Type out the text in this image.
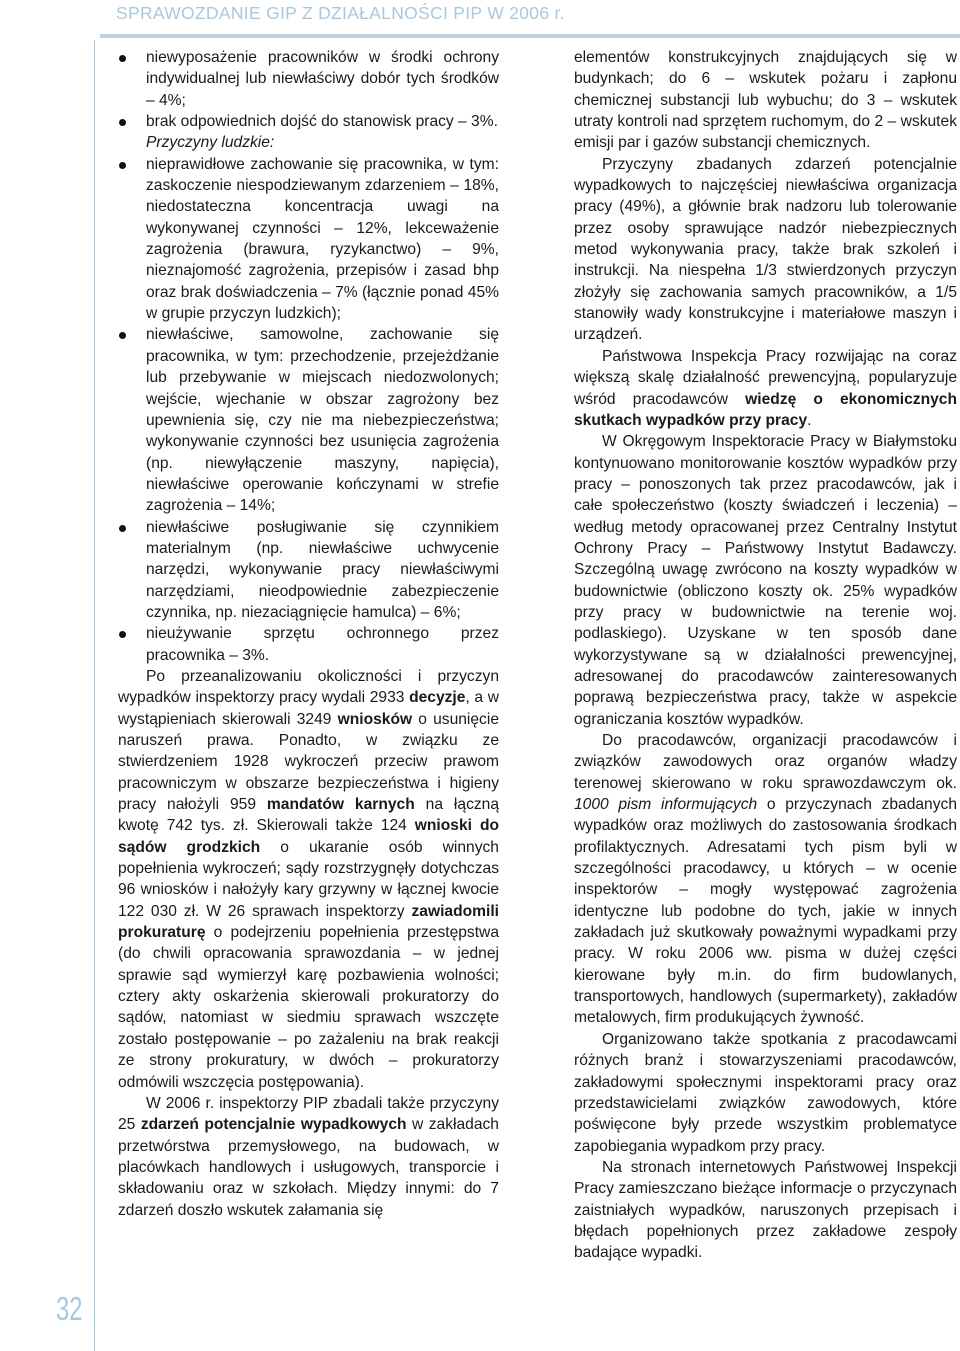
SPRAWOZDANIE GIP Z DZIAŁALNOŚCI PIP W 2006 r.
32
niewyposażenie pracowników w środki ochrony indywidualnej lub niewłaściwy dobór tych środków – 4%;
brak odpowiednich dojść do stanowisk pracy – 3%.

Przyczyny ludzkie:

nieprawidłowe zachowanie się pracownika, w tym: zaskoczenie niespodziewanym zdarzeniem – 18%, niedostateczna koncentracja uwagi na wykonywanej czynności – 12%, lekceważenie zagrożenia (brawura, ryzykanctwo) – 9%, nieznajomość zagrożenia, przepisów i zasad bhp oraz brak doświadczenia – 7% (łącznie ponad 45% w grupie przyczyn ludzkich);
niewłaściwe, samowolne, zachowanie się pracownika, w tym: przechodzenie, przejeżdżanie lub przebywanie w miejscach niedozwolonych; wejście, wjechanie w obszar zagrożony bez upewnienia się, czy nie ma niebezpieczeństwa; wykonywanie czynności bez usunięcia zagrożenia (np. niewyłączenie maszyny, napięcia), niewłaściwe operowanie kończynami w strefie zagrożenia – 14%;
niewłaściwe posługiwanie się czynnikiem materialnym (np. niewłaściwe uchwycenie narzędzi, wykonywanie pracy niewłaściwymi narzędziami, nieodpowiednie zabezpieczenie czynnika, np. niezaciągnięcie hamulca) – 6%;
nieużywanie sprzętu ochronnego przez pracownika – 3%.

Po przeanalizowaniu okoliczności i przyczyn wypadków inspektorzy pracy wydali 2933 decyzje, a w wystąpieniach skierowali 3249 wniosków o usunięcie naruszeń prawa. Ponadto, w związku ze stwierdzeniem 1928 wykroczeń przeciw prawom pracowniczym w obszarze bezpieczeństwa i higieny pracy nałożyli 959 mandatów karnych na łączną kwotę 742 tys. zł. Skierowali także 124 wnioski do sądów grodzkich o ukaranie osób winnych popełnienia wykroczeń; sądy rozstrzygnęły dotychczas 96 wniosków i nałożyły kary grzywny w łącznej kwocie 122 030 zł. W 26 sprawach inspektorzy zawiadomili prokuraturę o podejrzeniu popełnienia przestępstwa (do chwili opracowania sprawozdania – w jednej sprawie sąd wymierzył karę pozbawienia wolności; cztery akty oskarżenia skierowali prokuratorzy do sądów, natomiast w siedmiu sprawach wszczęte zostało postępowanie – po zażaleniu na brak reakcji ze strony prokuratury, w dwóch – prokuratorzy odmówili wszczęcia postępowania).

W 2006 r. inspektorzy PIP zbadali także przyczyny 25 zdarzeń potencjalnie wypadkowych w zakładach przetwórstwa przemysłowego, na budowach, w placówkach handlowych i usługowych, transporcie i składowaniu oraz w szkołach. Między innymi: do 7 zdarzeń doszło wskutek załamania się

elementów konstrukcyjnych znajdujących się w budynkach; do 6 – wskutek pożaru i zapłonu chemicznej substancji lub wybuchu; do 3 – wskutek utraty kontroli nad sprzętem ruchomym, do 2 – wskutek emisji par i gazów substancji chemicznych.

Przyczyny zbadanych zdarzeń potencjalnie wypadkowych to najczęściej niewłaściwa organizacja pracy (49%), a głównie brak nadzoru lub tolerowanie przez osoby sprawujące nadzór niebezpiecznych metod wykonywania pracy, także brak szkoleń i instrukcji. Na niespełna 1/3 stwierdzonych przyczyn złożyły się zachowania samych pracowników, a 1/5 stanowiły wady konstrukcyjne i materiałowe maszyn i urządzeń.

Państwowa Inspekcja Pracy rozwijając na coraz większą skalę działalność prewencyjną, popularyzuje wśród pracodawców wiedzę o ekonomicznych skutkach wypadków przy pracy.

W Okręgowym Inspektoracie Pracy w Białymstoku kontynuowano monitorowanie kosztów wypadków przy pracy – ponoszonych tak przez pracodawców, jak i całe społeczeństwo (koszty świadczeń i leczenia) – według metody opracowanej przez Centralny Instytut Ochrony Pracy – Państwowy Instytut Badawczy. Szczególną uwagę zwrócono na koszty wypadków w budownictwie (obliczono koszty ok. 25% wypadków przy pracy w budownictwie na terenie woj. podlaskiego). Uzyskane w ten sposób dane wykorzystywane są w działalności prewencyjnej, adresowanej do pracodawców zainteresowanych poprawą bezpieczeństwa pracy, także w aspekcie ograniczania kosztów wypadków.

Do pracodawców, organizacji pracodawców i związków zawodowych oraz organów władzy terenowej skierowano w roku sprawozdawczym ok. 1000 pism informujących o przyczynach zbadanych wypadków oraz możliwych do zastosowania środkach profilaktycznych. Adresatami tych pism byli w szczególności pracodawcy, u których – w ocenie inspektorów – mogły występować zagrożenia identyczne lub podobne do tych, jakie w innych zakładach już skutkowały poważnymi wypadkami przy pracy. W roku 2006 ww. pisma w dużej części kierowane były m.in. do firm budowlanych, transportowych, handlowych (supermarkety), zakładów metalowych, firm produkujących żywność.

Organizowano także spotkania z pracodawcami różnych branż i stowarzyszeniami pracodawców, zakładowymi społecznymi inspektorami pracy oraz przedstawicielami związków zawodowych, które poświęcone były przede wszystkim problematyce zapobiegania wypadkom przy pracy.

Na stronach internetowych Państwowej Inspekcji Pracy zamieszczano bieżące informacje o przyczynach zaistniałych wypadków, naruszonych przepisach i błędach popełnionych przez zakładowe zespoły badające wypadki.
